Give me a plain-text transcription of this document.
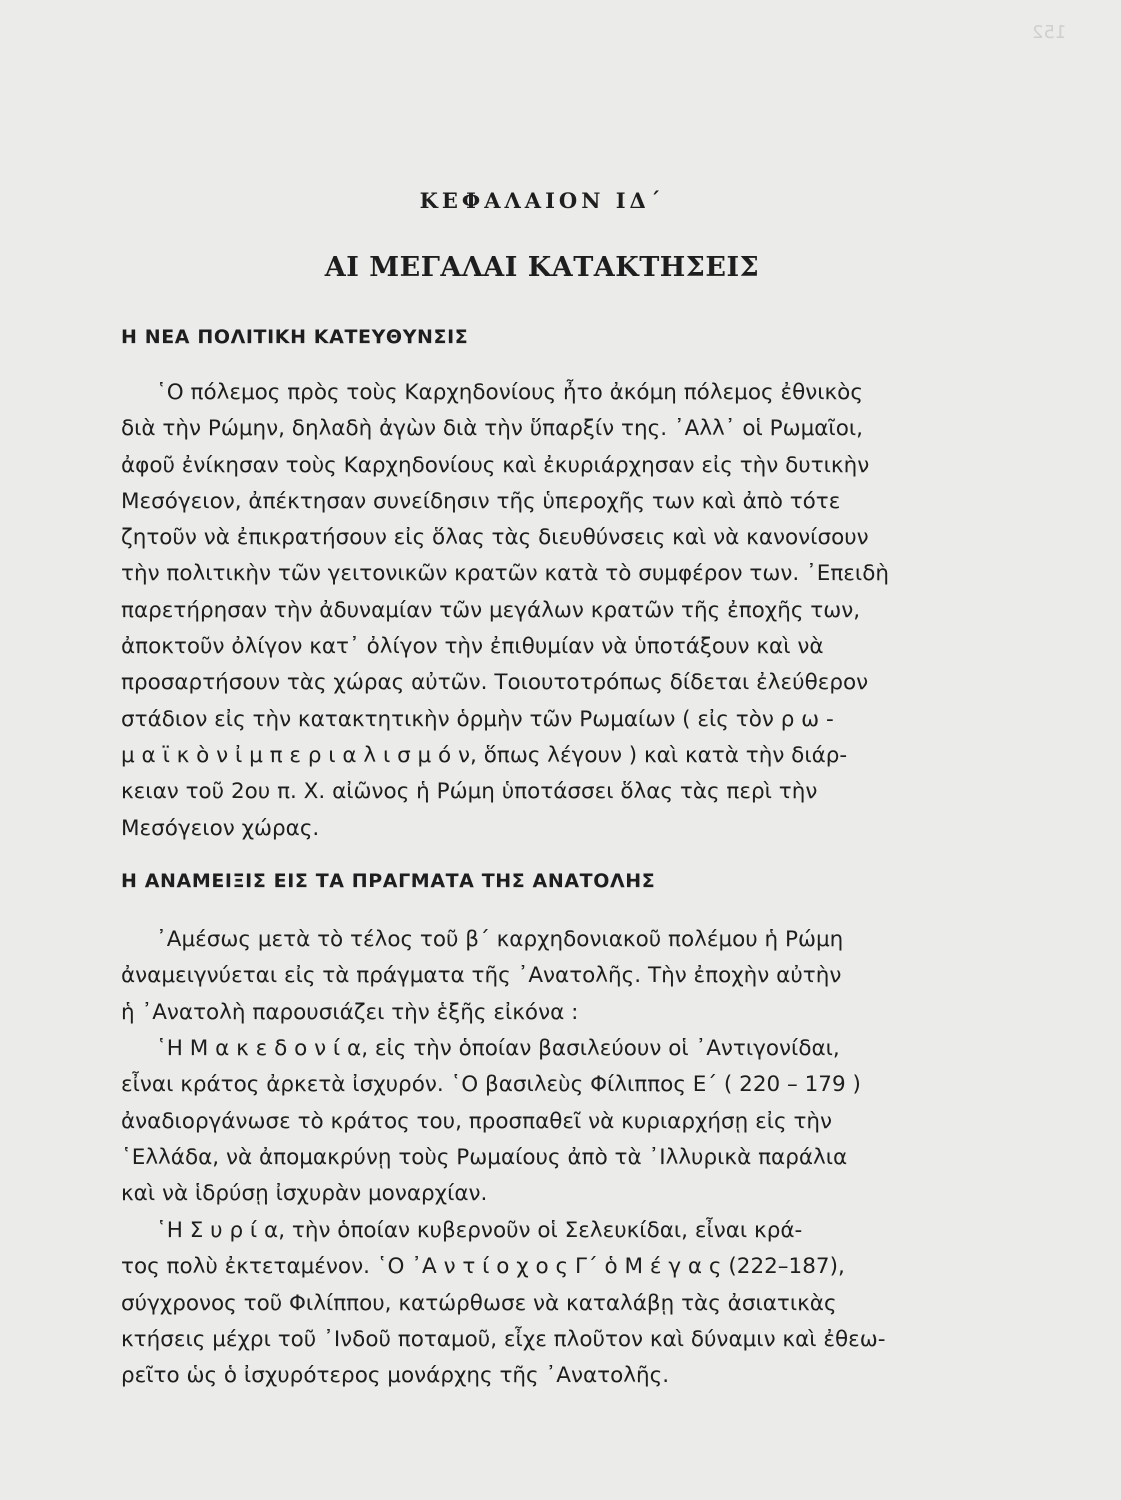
152
ΚΕΦΑΛΑΙΟΝ ΙΔ΄
ΑΙ ΜΕΓΑΛΑΙ ΚΑΤΑΚΤΗΣΕΙΣ
Η ΝΕΑ ΠΟΛΙΤΙΚΗ ΚΑΤΕΥΘΥΝΣΙΣ

῾Ο πόλεμος πρὸς τοὺς Καρχηδονίους ἦτο ἀκόμη πόλεμος ἐθνικὸς
διὰ τὴν Ρώμην, δηλαδὴ ἀγὼν διὰ τὴν ὕπαρξίν της. ᾽Αλλ᾽ οἱ Ρωμαῖοι,
ἀφοῦ ἐνίκησαν τοὺς Καρχηδονίους καὶ ἐκυριάρχησαν εἰς τὴν δυτικὴν
Μεσόγειον, ἀπέκτησαν συνείδησιν τῆς ὑπεροχῆς των καὶ ἀπὸ τότε
ζητοῦν νὰ ἐπικρατήσουν εἰς ὅλας τὰς διευθύνσεις καὶ νὰ κανονίσουν
τὴν πολιτικὴν τῶν γειτονικῶν κρατῶν κατὰ τὸ συμφέρον των. ᾽Επειδὴ
παρετήρησαν τὴν ἀδυναμίαν τῶν μεγάλων κρατῶν τῆς ἐποχῆς των,
ἀποκτοῦν ὀλίγον κατ᾽ ὀλίγον τὴν ἐπιθυμίαν νὰ ὑποτάξουν καὶ νὰ
προσαρτήσουν τὰς χώρας αὐτῶν. Τοιουτοτρόπως δίδεται ἐλεύθερον
στάδιον εἰς τὴν κατακτητικὴν ὁρμὴν τῶν Ρωμαίων ( εἰς τὸν ρ ω -
μ α ϊ κ ὸ ν ἰ μ π ε ρ ι α λ ι σ μ ό ν, ὅπως λέγουν ) καὶ κατὰ τὴν διάρ-
κειαν τοῦ 2ου π. Χ. αἰῶνος ἡ Ρώμη ὑποτάσσει ὅλας τὰς περὶ τὴν
Μεσόγειον χώρας.

Η ΑΝΑΜΕΙΞΙΣ ΕΙΣ ΤΑ ΠΡΑΓΜΑΤΑ ΤΗΣ ΑΝΑΤΟΛΗΣ

᾽Αμέσως μετὰ τὸ τέλος τοῦ β΄ καρχηδονιακοῦ πολέμου ἡ Ρώμη
ἀναμειγνύεται εἰς τὰ πράγματα τῆς ᾽Ανατολῆς. Τὴν ἐποχὴν αὐτὴν
ἡ ᾽Ανατολὴ παρουσιάζει τὴν ἑξῆς εἰκόνα :

῾Η Μ α κ ε δ ο ν ί α, εἰς τὴν ὁποίαν βασιλεύουν οἱ ᾽Αντιγονίδαι,
εἶναι κράτος ἀρκετὰ ἰσχυρόν. ῾Ο βασιλεὺς Φίλιππος Ε΄ ( 220 – 179 )
ἀναδιοργάνωσε τὸ κράτος του, προσπαθεῖ νὰ κυριαρχήσῃ εἰς τὴν
῾Ελλάδα, νὰ ἀπομακρύνῃ τοὺς Ρωμαίους ἀπὸ τὰ ᾽Ιλλυρικὰ παράλια
καὶ νὰ ἱδρύσῃ ἰσχυρὰν μοναρχίαν.

῾Η Σ υ ρ ί α, τὴν ὁποίαν κυβερνοῦν οἱ Σελευκίδαι, εἶναι κρά-
τος πολὺ ἐκτεταμένον. ῾Ο ᾽Α ν τ ί ο χ ο ς Γ΄ ὁ Μ έ γ α ς (222–187),
σύγχρονος τοῦ Φιλίππου, κατώρθωσε νὰ καταλάβῃ τὰς ἀσιατικὰς
κτήσεις μέχρι τοῦ ᾽Ινδοῦ ποταμοῦ, εἶχε πλοῦτον καὶ δύναμιν καὶ ἐθεω-
ρεῖτο ὡς ὁ ἰσχυρότερος μονάρχης τῆς ᾽Ανατολῆς.
